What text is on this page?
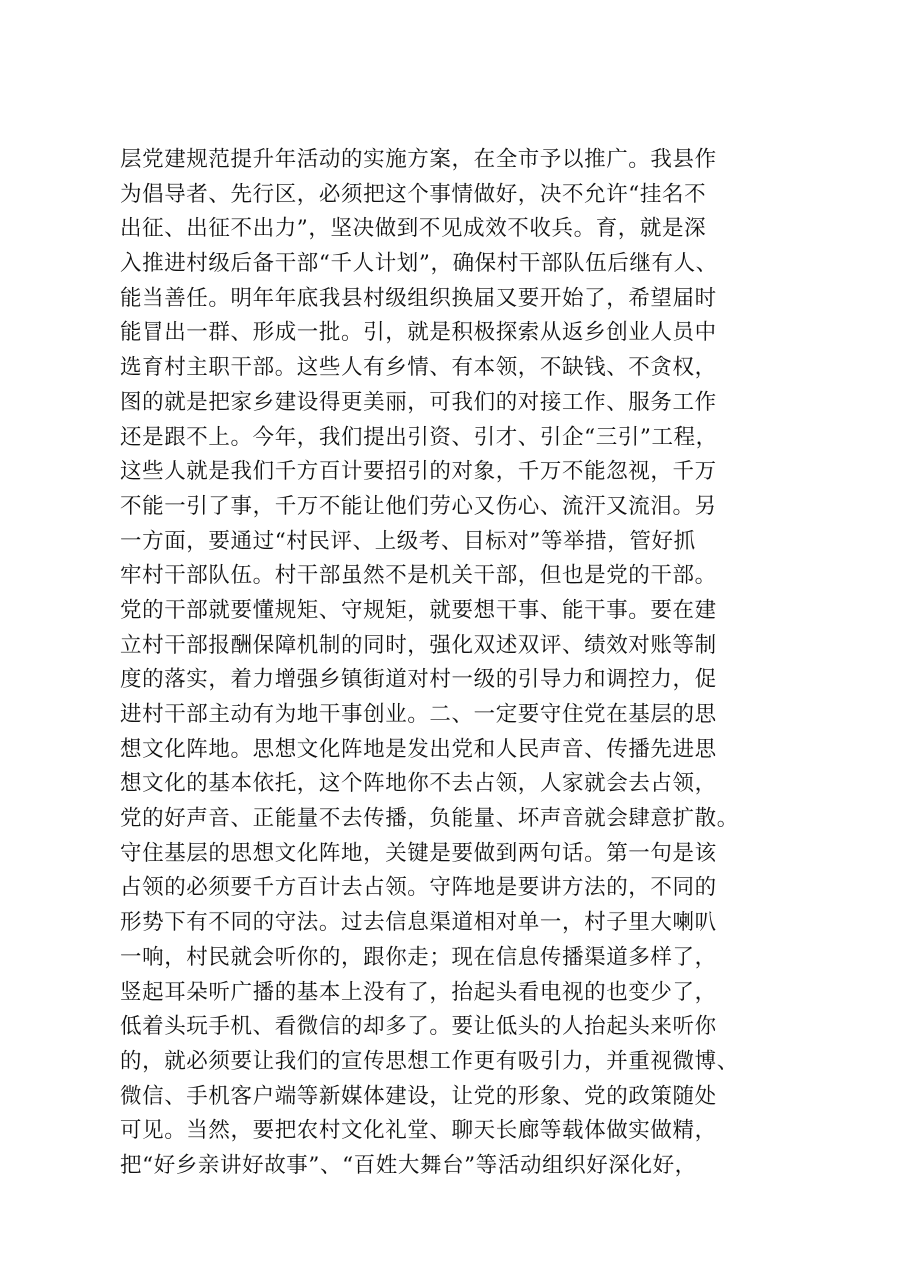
层党建规范提升年活动的实施方案，在全市予以推广。我县作
为倡导者、先行区，必须把这个事情做好，决不允许“挂名不
出征、出征不出力”，坚决做到不见成效不收兵。育，就是深
入推进村级后备干部“千人计划”，确保村干部队伍后继有人、
能当善任。明年年底我县村级组织换届又要开始了，希望届时
能冒出一群、形成一批。引，就是积极探索从返乡创业人员中
选育村主职干部。这些人有乡情、有本领，不缺钱、不贪权，
图的就是把家乡建设得更美丽，可我们的对接工作、服务工作
还是跟不上。今年，我们提出引资、引才、引企“三引”工程，
这些人就是我们千方百计要招引的对象，千万不能忽视，千万
不能一引了事，千万不能让他们劳心又伤心、流汗又流泪。另
一方面，要通过“村民评、上级考、目标对”等举措，管好抓
牢村干部队伍。村干部虽然不是机关干部，但也是党的干部。
党的干部就要懂规矩、守规矩，就要想干事、能干事。要在建
立村干部报酬保障机制的同时，强化双述双评、绩效对账等制
度的落实，着力增强乡镇街道对村一级的引导力和调控力，促
进村干部主动有为地干事创业。二、一定要守住党在基层的思
想文化阵地。思想文化阵地是发出党和人民声音、传播先进思
想文化的基本依托，这个阵地你不去占领，人家就会去占领，
党的好声音、正能量不去传播，负能量、坏声音就会肆意扩散。
守住基层的思想文化阵地，关键是要做到两句话。第一句是该
占领的必须要千方百计去占领。守阵地是要讲方法的，不同的
形势下有不同的守法。过去信息渠道相对单一，村子里大喇叭
一响，村民就会听你的，跟你走；现在信息传播渠道多样了，
竖起耳朵听广播的基本上没有了，抬起头看电视的也变少了，
低着头玩手机、看微信的却多了。要让低头的人抬起头来听你
的，就必须要让我们的宣传思想工作更有吸引力，并重视微博、
微信、手机客户端等新媒体建设，让党的形象、党的政策随处
可见。当然，要把农村文化礼堂、聊天长廊等载体做实做精，
把“好乡亲讲好故事”、“百姓大舞台”等活动组织好深化好，
